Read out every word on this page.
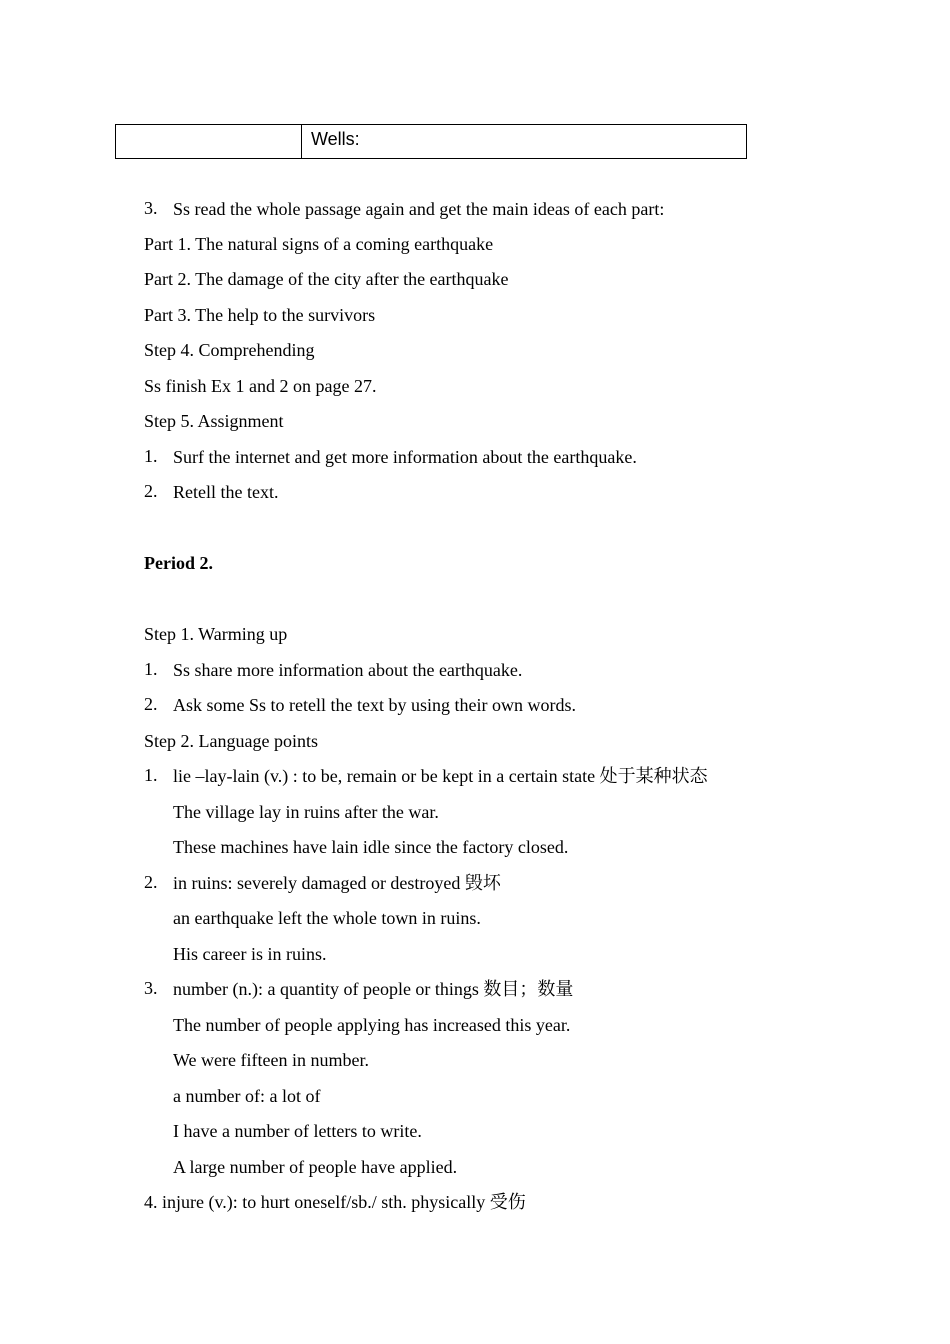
Wells:
3. Ss read the whole passage again and get the main ideas of each part:
Part 1. The natural signs of a coming earthquake
Part 2. The damage of the city after the earthquake
Part 3. The help to the survivors
Step 4. Comprehending
Ss finish Ex 1 and 2 on page 27.
Step 5. Assignment
1. Surf the internet and get more information about the earthquake.
2. Retell the text.
Period 2.
Step 1. Warming up
1. Ss share more information about the earthquake.
2. Ask some Ss to retell the text by using their own words.
Step 2. Language points
1. lie –lay-lain (v.) : to be, remain or be kept in a certain state 处于某种状态
The village lay in ruins after the war.
These machines have lain idle since the factory closed.
2. in ruins: severely damaged or destroyed 毁坏
an earthquake left the whole town in ruins.
His career is in ruins.
3. number (n.): a quantity of people or things 数目；数量
The number of people applying has increased this year.
We were fifteen in number.
a number of: a lot of
I have a number of letters to write.
A large number of people have applied.
4. injure (v.): to hurt oneself/sb./ sth. physically 受伤
